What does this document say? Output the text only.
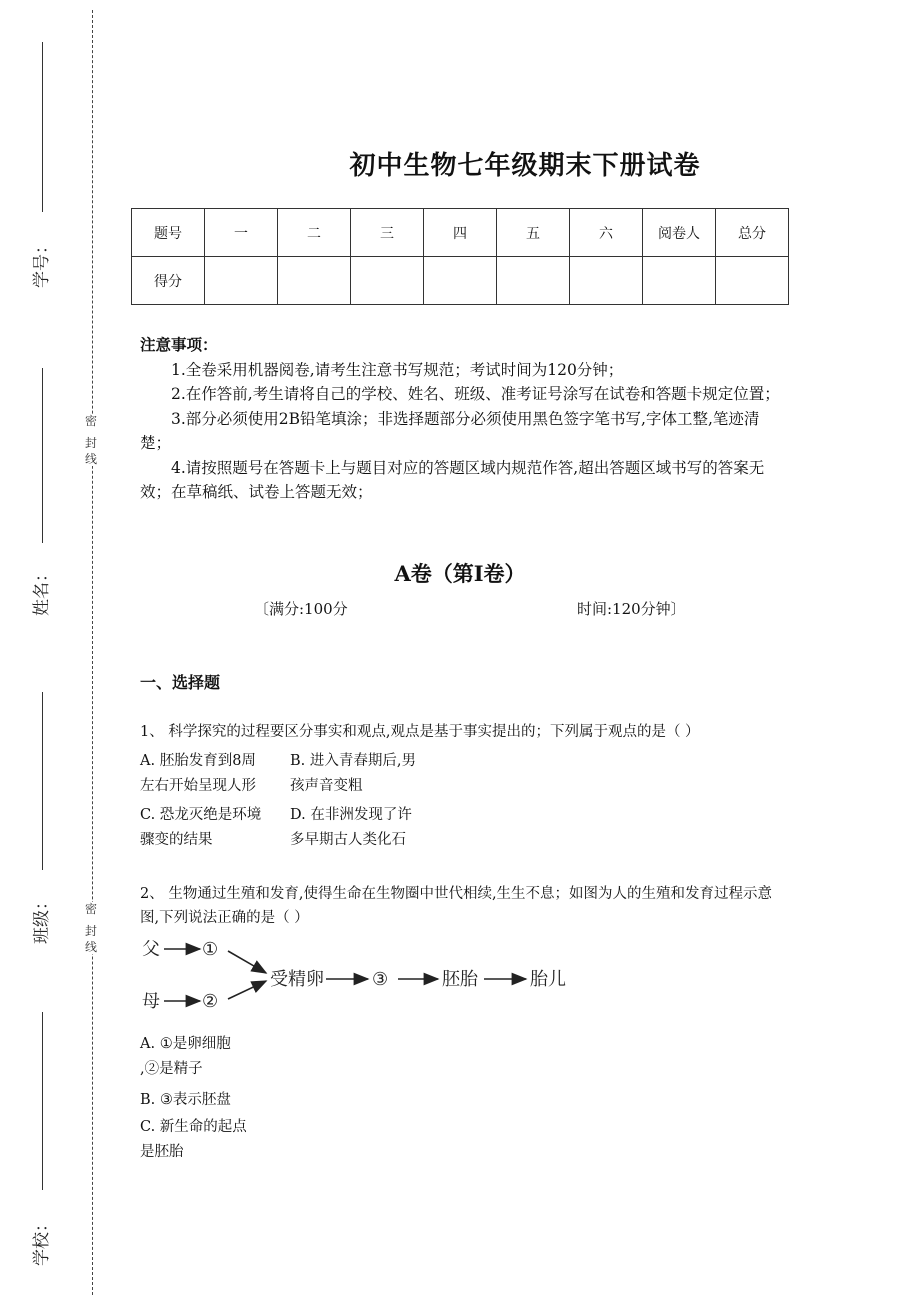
学号：
姓名：
班级：
学校：
密
封
线
密
封
线
初中生物七年级期末下册试卷
题号	一	二	三	四	五	六	阅卷人	总分
得分								
注意事项：

1.全卷采用机器阅卷,请考生注意书写规范；考试时间为120分钟；

2.在作答前,考生请将自己的学校、姓名、班级、准考证号涂写在试卷和答题卡规定位置；

3.部分必须使用2B铅笔填涂；非选择题部分必须使用黑色签字笔书写,字体工整,笔迹清楚；

4.请按照题号在答题卡上与题目对应的答题区域内规范作答,超出答题区域书写的答案无效；在草稿纸、试卷上答题无效；

A卷（第I卷）
〔满分:100分	时间:120分钟〕
一、选择题
1、 科学探究的过程要区分事实和观点,观点是基于事实提出的；下列属于观点的是（ ）
A. 胚胎发育到8周
左右开始呈现人形
B. 进入青春期后,男
孩声音变粗
C. 恐龙灭绝是环境
骤变的结果
D. 在非洲发现了许
多早期古人类化石
2、 生物通过生殖和发育,使得生命在生物圈中世代相续,生生不息；如图为人的生殖和发育过程示意图,下列说法正确的是（ ）
父 ①
母 ②
受精卵	③	胚胎	胎儿
A. ①是卵细胞
,②是精子
B. ③表示胚盘
C. 新生命的起点
是胚胎
